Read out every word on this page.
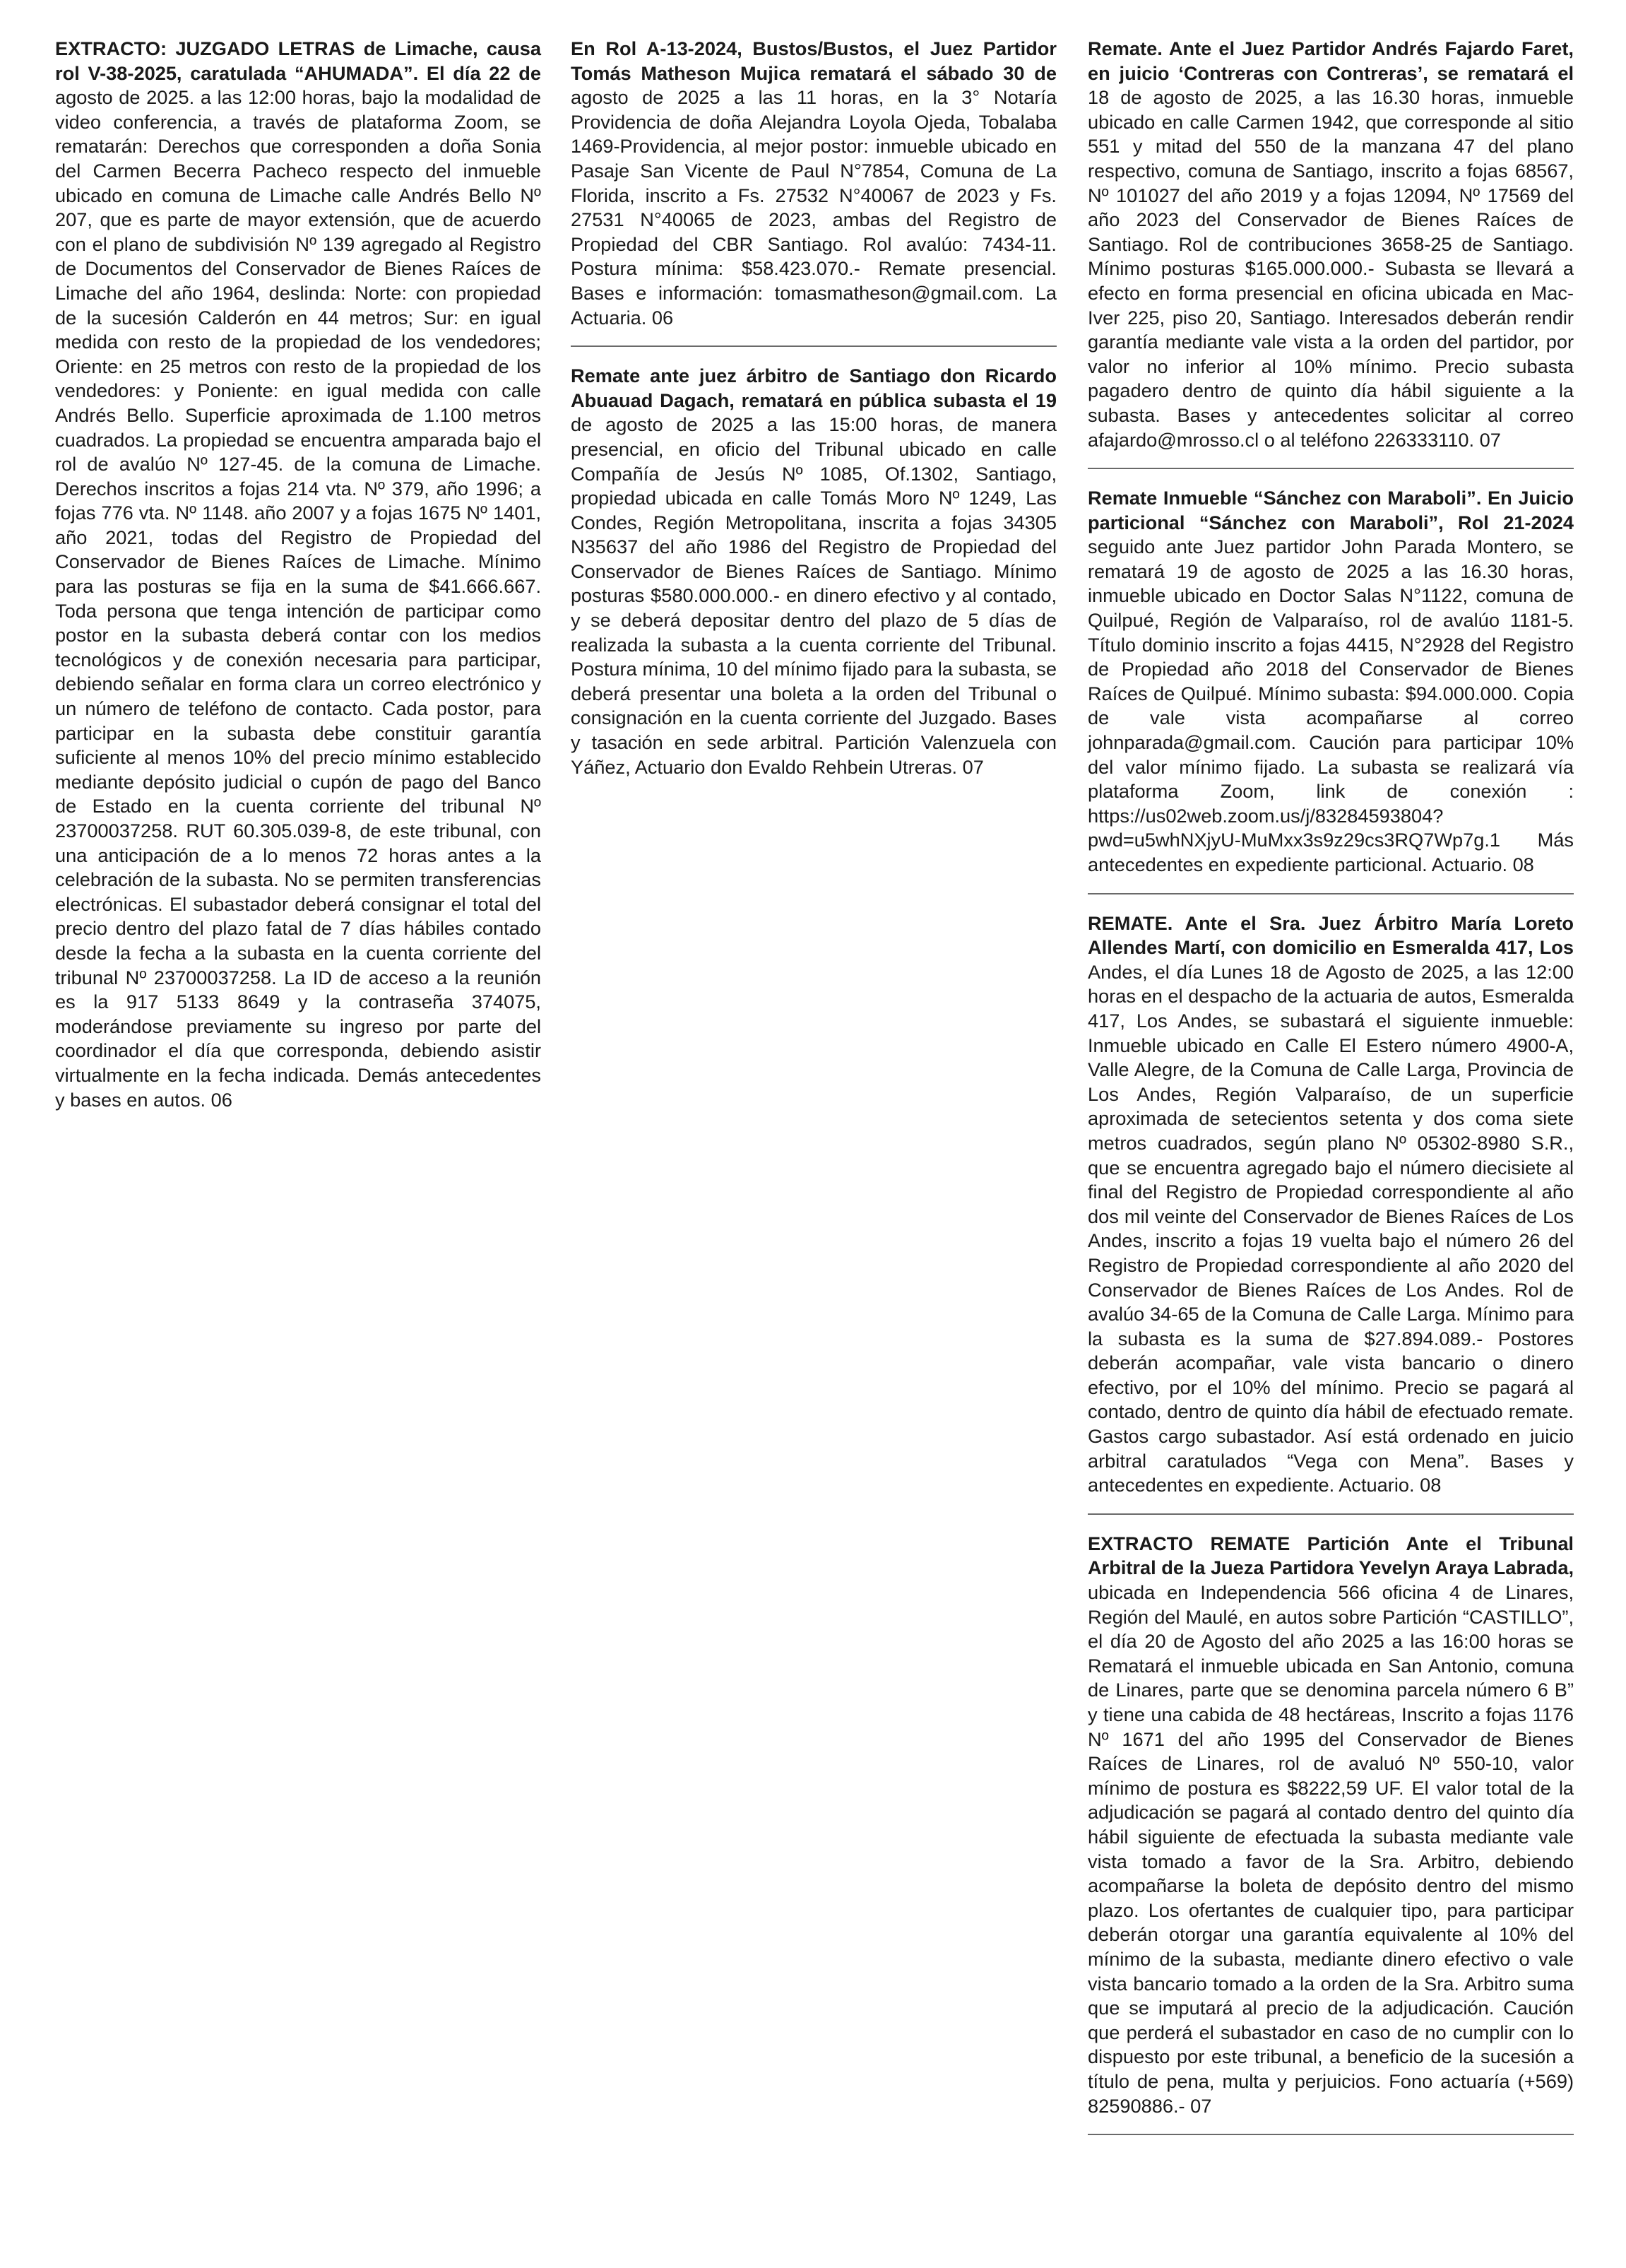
EXTRACTO: JUZGADO LETRAS de Limache, causa rol V-38-2025, caratulada “AHUMADA”. El día 22 de agosto de 2025. a las 12:00 horas, bajo la modalidad de video conferencia, a través de plataforma Zoom, se rematarán: Derechos que corresponden a doña Sonia del Carmen Becerra Pacheco respecto del inmueble ubicado en comuna de Limache calle Andrés Bello Nº 207, que es parte de mayor extensión, que de acuerdo con el plano de subdivisión Nº 139 agregado al Registro de Documentos del Conservador de Bienes Raíces de Limache del año 1964, deslinda: Norte: con propiedad de la sucesión Calderón en 44 metros; Sur: en igual medida con resto de la propiedad de los vendedores; Oriente: en 25 metros con resto de la propiedad de los vendedores: y Poniente: en igual medida con calle Andrés Bello. Superficie aproximada de 1.100 metros cuadrados. La propiedad se encuentra amparada bajo el rol de avalúo Nº 127-45. de la comuna de Limache. Derechos inscritos a fojas 214 vta. Nº 379, año 1996; a fojas 776 vta. Nº 1148. año 2007 y a fojas 1675 Nº 1401, año 2021, todas del Registro de Propiedad del Conservador de Bienes Raíces de Limache. Mínimo para las posturas se fija en la suma de $41.666.667. Toda persona que tenga intención de participar como postor en la subasta deberá contar con los medios tecnológicos y de conexión necesaria para participar, debiendo señalar en forma clara un correo electrónico y un número de teléfono de contacto. Cada postor, para participar en la subasta debe constituir garantía suficiente al menos 10% del precio mínimo establecido mediante depósito judicial o cupón de pago del Banco de Estado en la cuenta corriente del tribunal Nº 23700037258. RUT 60.305.039-8, de este tribunal, con una anticipación de a lo menos 72 horas antes a la celebración de la subasta. No se permiten transferencias electrónicas. El subastador deberá consignar el total del precio dentro del plazo fatal de 7 días hábiles contado desde la fecha a la subasta en la cuenta corriente del tribunal Nº 23700037258. La ID de acceso a la reunión es la 917 5133 8649 y la contraseña 374075, moderándose previamente su ingreso por parte del coordinador el día que corresponda, debiendo asistir virtualmente en la fecha indicada. Demás antecedentes y bases en autos. 06

En Rol A-13-2024, Bustos/Bustos, el Juez Partidor Tomás Matheson Mujica rematará el sábado 30 de agosto de 2025 a las 11 horas, en la 3° Notaría Providencia de doña Alejandra Loyola Ojeda, Tobalaba 1469-Providencia, al mejor postor: inmueble ubicado en Pasaje San Vicente de Paul N°7854, Comuna de La Florida, inscrito a Fs. 27532 N°40067 de 2023 y Fs. 27531 N°40065 de 2023, ambas del Registro de Propiedad del CBR Santiago. Rol avalúo: 7434-11. Postura mínima: $58.423.070.- Remate presencial. Bases e información: tomasmatheson@gmail.com. La Actuaria. 06

Remate ante juez árbitro de Santiago don Ricardo Abuauad Dagach, rematará en pública subasta el 19 de agosto de 2025 a las 15:00 horas, de manera presencial, en oficio del Tribunal ubicado en calle Compañía de Jesús Nº 1085, Of.1302, Santiago, propiedad ubicada en calle Tomás Moro Nº 1249, Las Condes, Región Metropolitana, inscrita a fojas 34305 N35637 del año 1986 del Registro de Propiedad del Conservador de Bienes Raíces de Santiago. Mínimo posturas $580.000.000.- en dinero efectivo y al contado, y se deberá depositar dentro del plazo de 5 días de realizada la subasta a la cuenta corriente del Tribunal. Postura mínima, 10 del mínimo fijado para la subasta, se deberá presentar una boleta a la orden del Tribunal o consignación en la cuenta corriente del Juzgado. Bases y tasación en sede arbitral. Partición Valenzuela con Yáñez, Actuario don Evaldo Rehbein Utreras. 07

Remate. Ante el Juez Partidor Andrés Fajardo Faret, en juicio ‘Contreras con Contreras’, se rematará el 18 de agosto de 2025, a las 16.30 horas, inmueble ubicado en calle Carmen 1942, que corresponde al sitio 551 y mitad del 550 de la manzana 47 del plano respectivo, comuna de Santiago, inscrito a fojas 68567, Nº 101027 del año 2019 y a fojas 12094, Nº 17569 del año 2023 del Conservador de Bienes Raíces de Santiago. Rol de contribuciones 3658-25 de Santiago. Mínimo posturas $165.000.000.- Subasta se llevará a efecto en forma presencial en oficina ubicada en Mac-Iver 225, piso 20, Santiago. Interesados deberán rendir garantía mediante vale vista a la orden del partidor, por valor no inferior al 10% mínimo. Precio subasta pagadero dentro de quinto día hábil siguiente a la subasta. Bases y antecedentes solicitar al correo afajardo@mrosso.cl o al teléfono 226333110. 07

Remate Inmueble “Sánchez con Maraboli”. En Juicio particional “Sánchez con Maraboli”, Rol 21-2024 seguido ante Juez partidor John Parada Montero, se rematará 19 de agosto de 2025 a las 16.30 horas, inmueble ubicado en Doctor Salas N°1122, comuna de Quilpué, Región de Valparaíso, rol de avalúo 1181-5. Título dominio inscrito a fojas 4415, N°2928 del Registro de Propiedad año 2018 del Conservador de Bienes Raíces de Quilpué. Mínimo subasta: $94.000.000. Copia de vale vista acompañarse al correo johnparada@gmail.com. Caución para participar 10% del valor mínimo fijado. La subasta se realizará vía plataforma Zoom, link de conexión : https://us02web.zoom.us/j/83284593804?pwd=u5whNXjyU-MuMxx3s9z29cs3RQ7Wp7g.1 Más antecedentes en expediente particional. Actuario. 08

REMATE. Ante el Sra. Juez Árbitro María Loreto Allendes Martí, con domicilio en Esmeralda 417, Los Andes, el día Lunes 18 de Agosto de 2025, a las 12:00 horas en el despacho de la actuaria de autos, Esmeralda 417, Los Andes, se subastará el siguiente inmueble: Inmueble ubicado en Calle El Estero número 4900-A, Valle Alegre, de la Comuna de Calle Larga, Provincia de Los Andes, Región Valparaíso, de un superficie aproximada de setecientos setenta y dos coma siete metros cuadrados, según plano Nº 05302-8980 S.R., que se encuentra agregado bajo el número diecisiete al final del Registro de Propiedad correspondiente al año dos mil veinte del Conservador de Bienes Raíces de Los Andes, inscrito a fojas 19 vuelta bajo el número 26 del Registro de Propiedad correspondiente al año 2020 del Conservador de Bienes Raíces de Los Andes. Rol de avalúo 34-65 de la Comuna de Calle Larga. Mínimo para la subasta es la suma de $27.894.089.- Postores deberán acompañar, vale vista bancario o dinero efectivo, por el 10% del mínimo. Precio se pagará al contado, dentro de quinto día hábil de efectuado remate. Gastos cargo subastador. Así está ordenado en juicio arbitral caratulados “Vega con Mena”. Bases y antecedentes en expediente. Actuario. 08

EXTRACTO REMATE Partición Ante el Tribunal Arbitral de la Jueza Partidora Yevelyn Araya Labrada, ubicada en Independencia 566 oficina 4 de Linares, Región del Maulé, en autos sobre Partición “CASTILLO”, el día 20 de Agosto del año 2025 a las 16:00 horas se Rematará el inmueble ubicada en San Antonio, comuna de Linares, parte que se denomina parcela número 6 B” y tiene una cabida de 48 hectáreas, Inscrito a fojas 1176 Nº 1671 del año 1995 del Conservador de Bienes Raíces de Linares, rol de avaluó Nº 550-10, valor mínimo de postura es $8222,59 UF. El valor total de la adjudicación se pagará al contado dentro del quinto día hábil siguiente de efectuada la subasta mediante vale vista tomado a favor de la Sra. Arbitro, debiendo acompañarse la boleta de depósito dentro del mismo plazo. Los ofertantes de cualquier tipo, para participar deberán otorgar una garantía equivalente al 10% del mínimo de la subasta, mediante dinero efectivo o vale vista bancario tomado a la orden de la Sra. Arbitro suma que se imputará al precio de la adjudicación. Caución que perderá el subastador en caso de no cumplir con lo dispuesto por este tribunal, a beneficio de la sucesión a título de pena, multa y perjuicios. Fono actuaría (+569) 82590886.- 07
